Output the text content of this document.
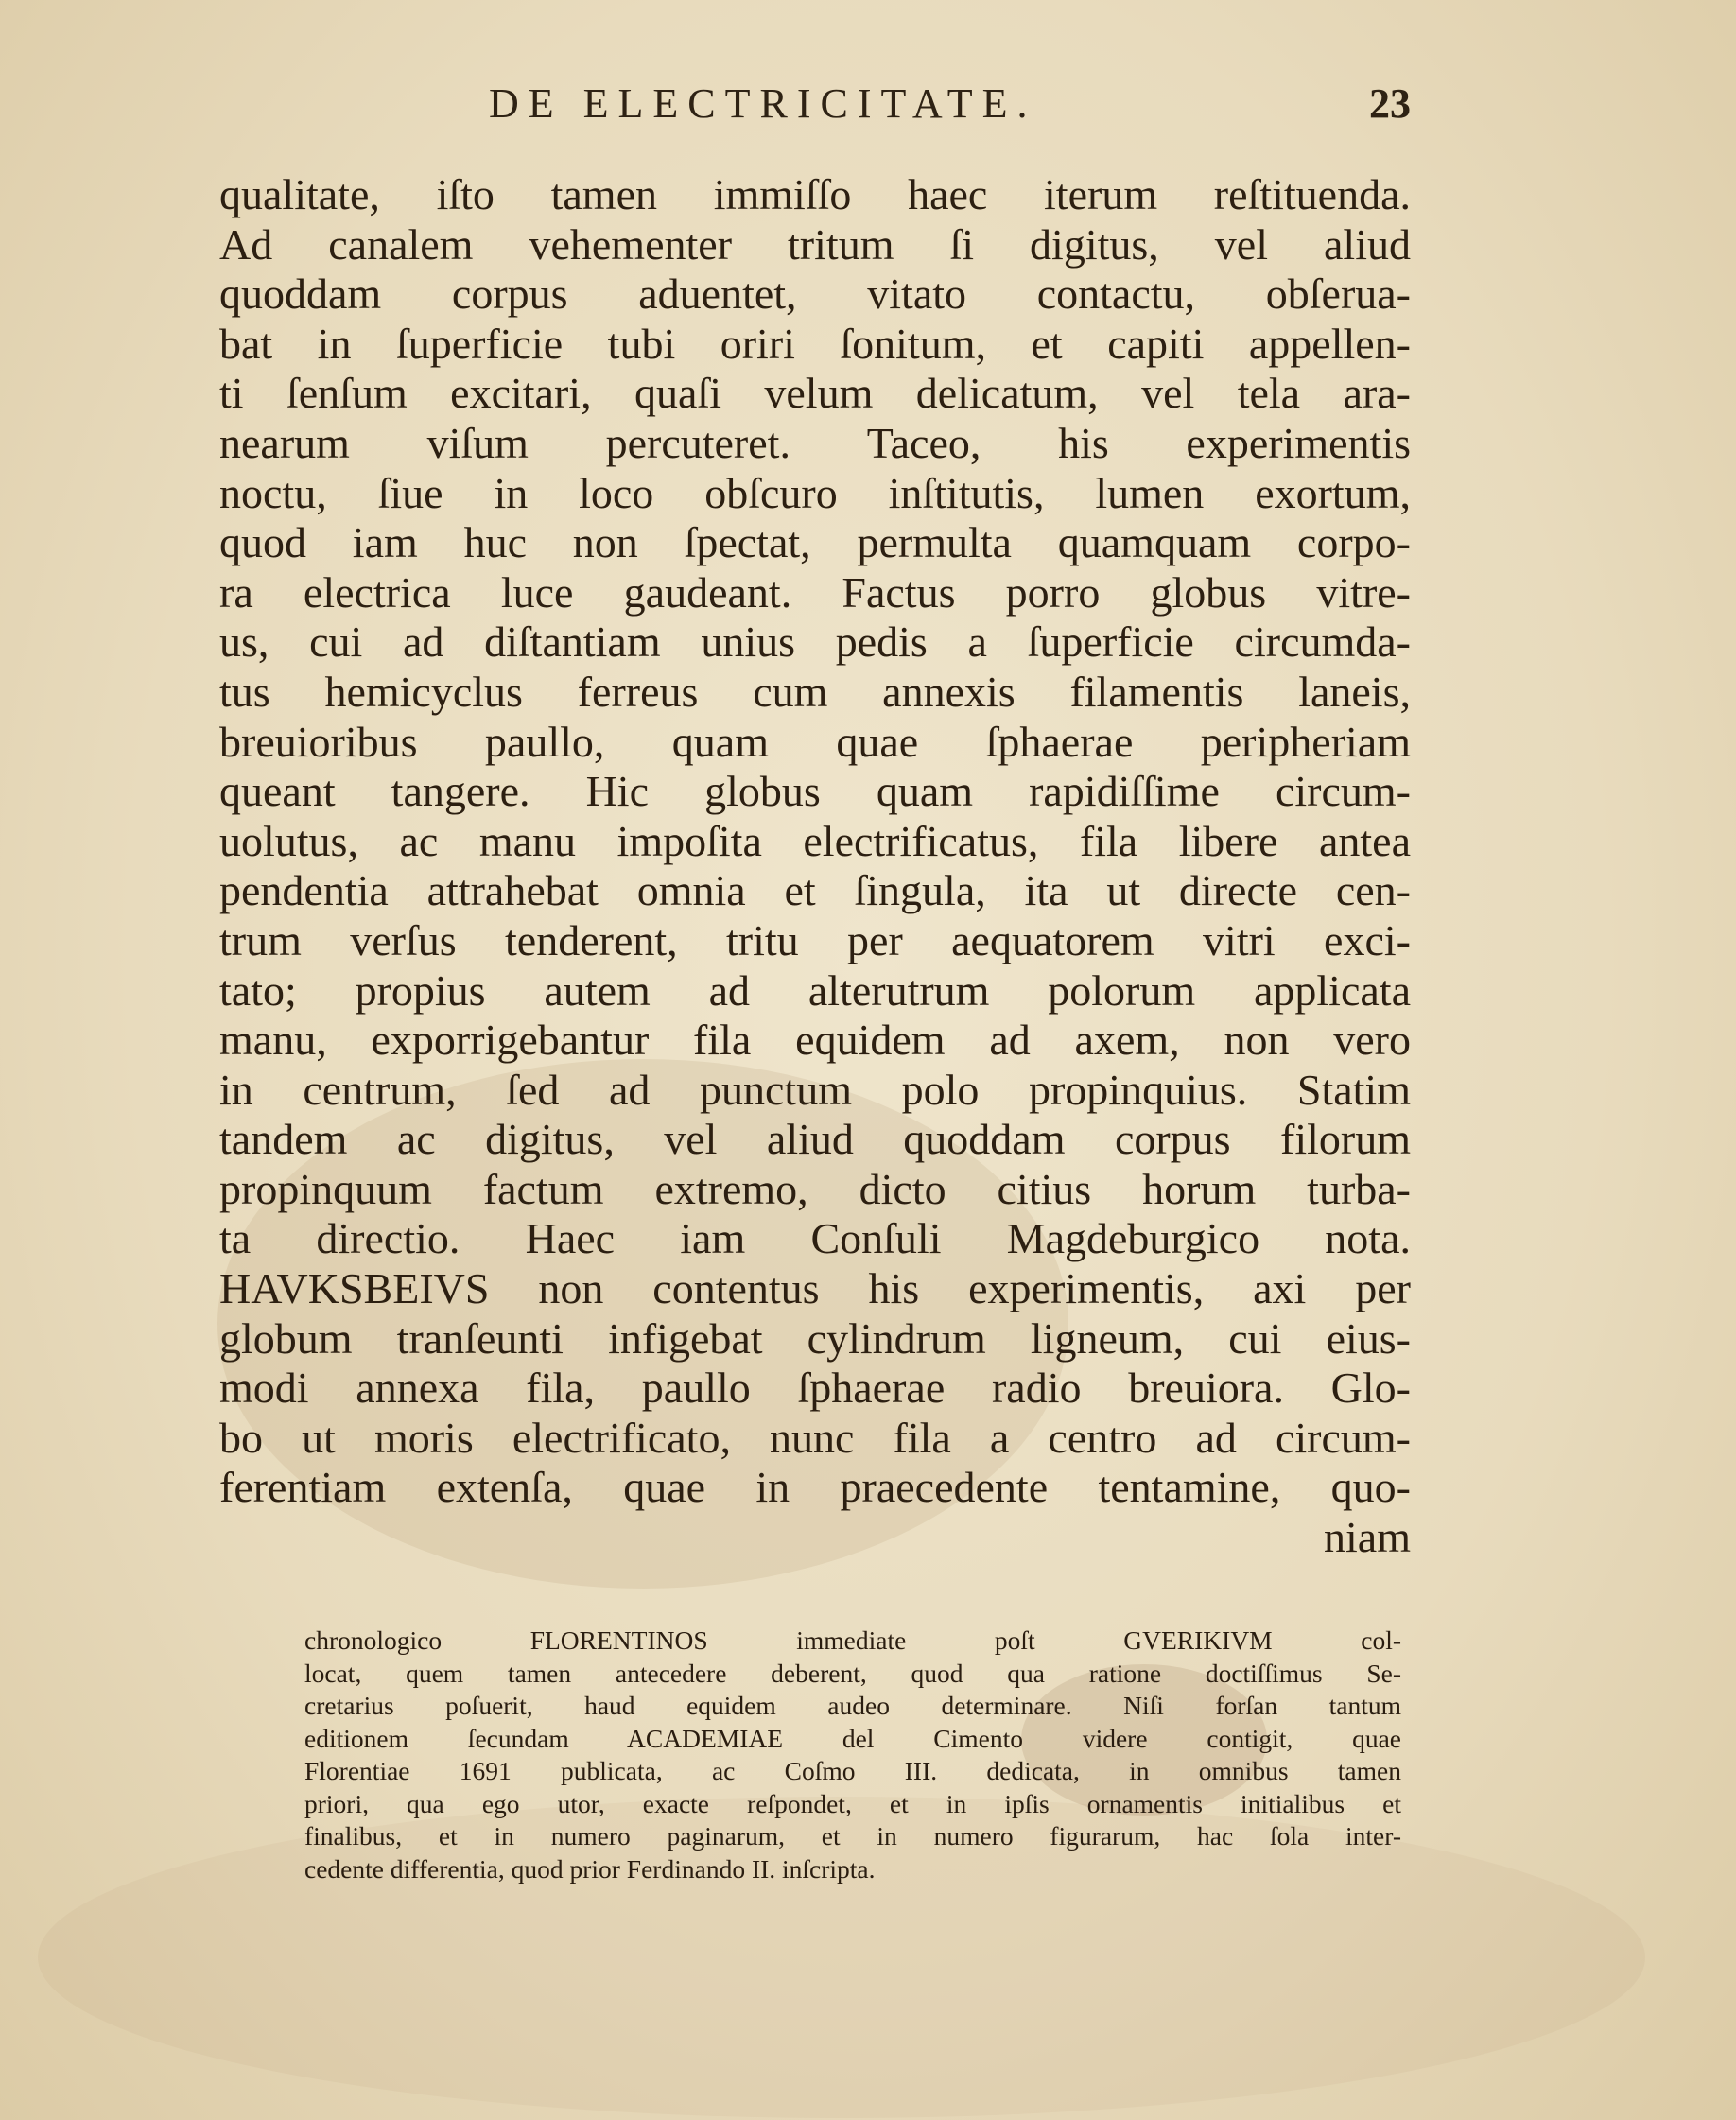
DE ELECTRICITATE.	23
qualitate, iſto tamen immiſſo haec iterum reſtituenda.
Ad canalem vehementer tritum ſi digitus, vel aliud
quoddam corpus aduentet, vitato contactu, obſerua-
bat in ſuperficie tubi oriri ſonitum, et capiti appellen-
ti ſenſum excitari, quaſi velum delicatum, vel tela ara-
nearum viſum percuteret. Taceo, his experimentis
noctu, ſiue in loco obſcuro inſtitutis, lumen exortum,
quod iam huc non ſpectat, permulta quamquam corpo-
ra electrica luce gaudeant. Factus porro globus vitre-
us, cui ad diſtantiam unius pedis a ſuperficie circumda-
tus hemicyclus ferreus cum annexis filamentis laneis,
breuioribus paullo, quam quae ſphaerae peripheriam
queant tangere. Hic globus quam rapidiſſime circum-
uolutus, ac manu impoſita electrificatus, fila libere antea
pendentia attrahebat omnia et ſingula, ita ut directe cen-
trum verſus tenderent, tritu per aequatorem vitri exci-
tato; propius autem ad alterutrum polorum applicata
manu, exporrigebantur fila equidem ad axem, non vero
in centrum, ſed ad punctum polo propinquius. Statim
tandem ac digitus, vel aliud quoddam corpus filorum
propinquum factum extremo, dicto citius horum turba-
ta directio. Haec iam Conſuli Magdeburgico nota.
HAVKSBEIVS non contentus his experimentis, axi per
globum tranſeunti infigebat cylindrum ligneum, cui eius-
modi annexa fila, paullo ſphaerae radio breuiora. Glo-
bo ut moris electrificato, nunc fila a centro ad circum-
ferentiam extenſa, quae in praecedente tentamine, quo-
niam
chronologico FLORENTINOS immediate poſt GVERIKIVM col-
locat, quem tamen antecedere deberent, quod qua ratione doctiſſimus Se-
cretarius poſuerit, haud equidem audeo determinare. Niſi forſan tantum
editionem ſecundam ACADEMIAE del Cimento videre contigit, quae
Florentiae 1691 publicata, ac Coſmo III. dedicata, in omnibus tamen
priori, qua ego utor, exacte reſpondet, et in ipſis ornamentis initialibus et
finalibus, et in numero paginarum, et in numero figurarum, hac ſola inter-
cedente differentia, quod prior Ferdinando II. inſcripta.
